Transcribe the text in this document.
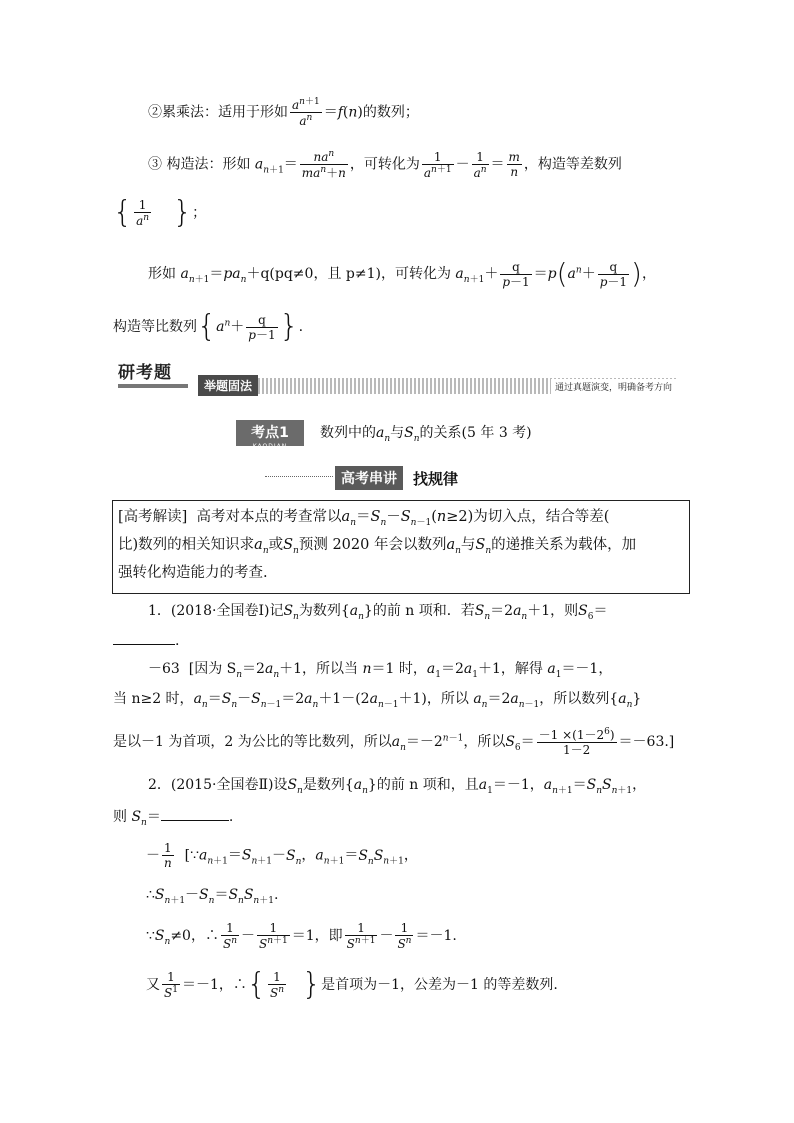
②累乘法：适用于形如 $\frac{a^{n+1}}{a^n} =f(n)$的数列；
③ 构造法：形如 $a_{n+1}= \frac{na^n}{ma^n+n}$ ，可转化为 $\frac{1}{a^{n+1}} - \frac{1}{a^n} = \frac{m}{n}$ ，构造等差数列
{ $\frac{1}{a^n}$ }；
形如 $a_{n+1}=pa_n+q(pq\ne 0$，且 p≠1)，可转化为 $a_{n+1}+ \frac{q}{p-1} =p(a^n+ \frac{q}{p-1}$ )，
构造等比数列{$a^n+ \frac{q}{p-1}$ }.
研考题
举题固法	通过真题演变，明确备考方向
考点1
KAODIAN
数列中的$a_n$与$S_n$的关系(5 年 3 考)
高考串讲	找规律
[高考解读] 高考对本点的考查常以$a_n=S_n-S_{n-1}(n\ge 2)$为切入点，结合等差(
比)数列的相关知识求$a_n$或$S_n$预测 2020 年会以数列$a_n$与$S_n$的递推关系为载体，加
强转化构造能力的考查.
1．(2018·全国卷Ⅰ)记$S_n$为数列$\{a_n\}$的前 n 项和．若$S_n=2a_n+1$，则$S_6=$
.
－63 [因为 $S_n=2a_n+1$，所以当 n＝1 时，$a_1=2a_1+1$，解得 $a_1=-1$，
当 n≥2 时，$a_n=S_n-S_{n-1}=2a_n+1-(2a_{n-1}+1)$，所以 $a_n=2a_{n-1}$，所以数列$\{a_n\}$
是以－1 为首项，2 为公比的等比数列，所以$a_n=-2^{n-1}$，所以$S_6= \frac{-1 \times(1-2^6)}{1-2} =-63$.]
2．(2015·全国卷Ⅱ)设$S_n$是数列$\{a_n\}$的前 n 项和，且$a_1=-1$，$a_{n+1}=S_nS_{n+1}$，
则 $S_n=$	.
－ $\frac{1}{n}$ [$\because a_{n+1}=S_{n+1}-S_n$，$a_{n+1}=S_nS_{n+1}$，
$\therefore S_{n+1}-S_n=S_nS_{n+1}$.
$\because S_n\ne 0$，∴ $\frac{1}{S^n} - \frac{1}{S^{n+1}} =1$，即 $\frac{1}{S^{n+1}} - \frac{1}{S^n} =-1$.
又 $\frac{1}{S^1} =-1$，∴{ $\frac{1}{S^n}$ }是首项为－1，公差为－1 的等差数列.
